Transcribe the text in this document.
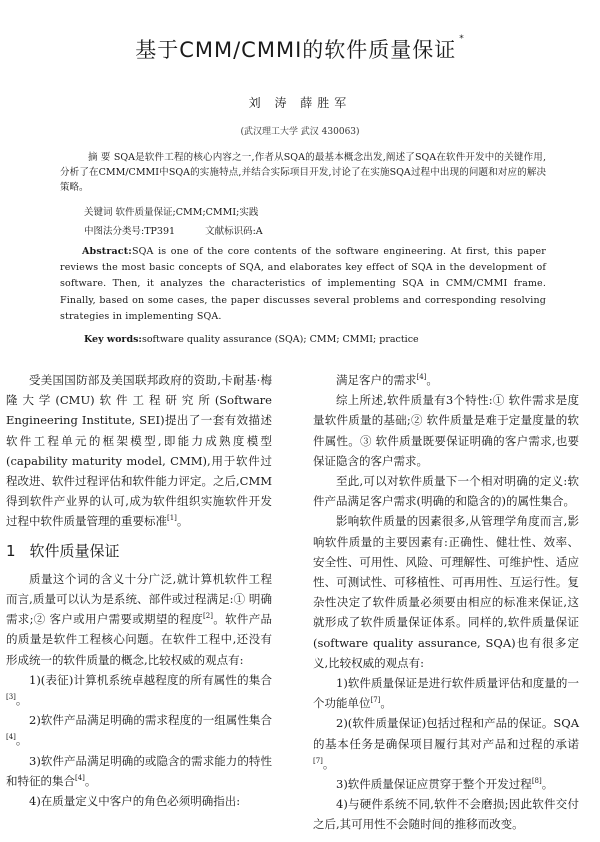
基于CMM/CMMI的软件质量保证 *
刘 涛 薛胜军
(武汉理工大学 武汉 430063)
摘 要 SQA是软件工程的核心内容之一,作者从SQA的最基本概念出发,阐述了SQA在软件开发中的关键作用,分析了在CMM/CMMI中SQA的实施特点,并结合实际项目开发,讨论了在实施SQA过程中出现的问题和对应的解决策略。
关键词 软件质量保证;CMM;CMMI;实践
中图法分类号:TP391	文献标识码:A
Abstract:SQA is one of the core contents of the software engineering. At first, this paper reviews the most basic concepts of SQA, and elaborates key effect of SQA in the development of software. Then, it analyzes the characteristics of implementing SQA in CMM/CMMI frame. Finally, based on some cases, the paper discusses several problems and corresponding resolving strategies in implementing SQA.
Key words:software quality assurance (SQA); CMM; CMMI; practice

受美国国防部及美国联邦政府的资助,卡耐基·梅隆大学(CMU)软件工程研究所(Software Engineering Institute, SEI)提出了一套有效描述软件工程单元的框架模型,即能力成熟度模型(capability maturity model, CMM),用于软件过程改进、软件过程评估和软件能力评定。之后,CMM得到软件产业界的认可,成为软件组织实施软件开发过程中软件质量管理的重要标准[1]。

1 软件质量保证

质量这个词的含义十分广泛,就计算机软件工程而言,质量可以认为是系统、部件或过程满足:① 明确需求;② 客户或用户需要或期望的程度[2]。软件产品的质量是软件工程核心问题。在软件工程中,还没有形成统一的软件质量的概念,比较权威的观点有:

1)(表征)计算机系统卓越程度的所有属性的集合[3]。

2)软件产品满足明确的需求程度的一组属性集合[4]。

3)软件产品满足明确的或隐含的需求能力的特性和特征的集合[4]。

4)在质量定义中客户的角色必须明确指出:

满足客户的需求[4]。

综上所述,软件质量有3个特性:① 软件需求是度量软件质量的基础;② 软件质量是难于定量度量的软件属性。③ 软件质量既要保证明确的客户需求,也要保证隐含的客户需求。

至此,可以对软件质量下一个相对明确的定义:软件产品满足客户需求(明确的和隐含的)的属性集合。

影响软件质量的因素很多,从管理学角度而言,影响软件质量的主要因素有:正确性、健壮性、效率、安全性、可用性、风险、可理解性、可维护性、适应性、可测试性、可移植性、可再用性、互运行性。复杂性决定了软件质量必须要由相应的标准来保证,这就形成了软件质量保证体系。同样的,软件质量保证(software quality assurance, SQA)也有很多定义,比较权威的观点有:

1)软件质量保证是进行软件质量评估和度量的一个功能单位[7]。

2)(软件质量保证)包括过程和产品的保证。SQA的基本任务是确保项目履行其对产品和过程的承诺[7]。

3)软件质量保证应贯穿于整个开发过程[8]。

4)与硬件系统不同,软件不会磨损;因此软件交付之后,其可用性不会随时间的推移而改变。
